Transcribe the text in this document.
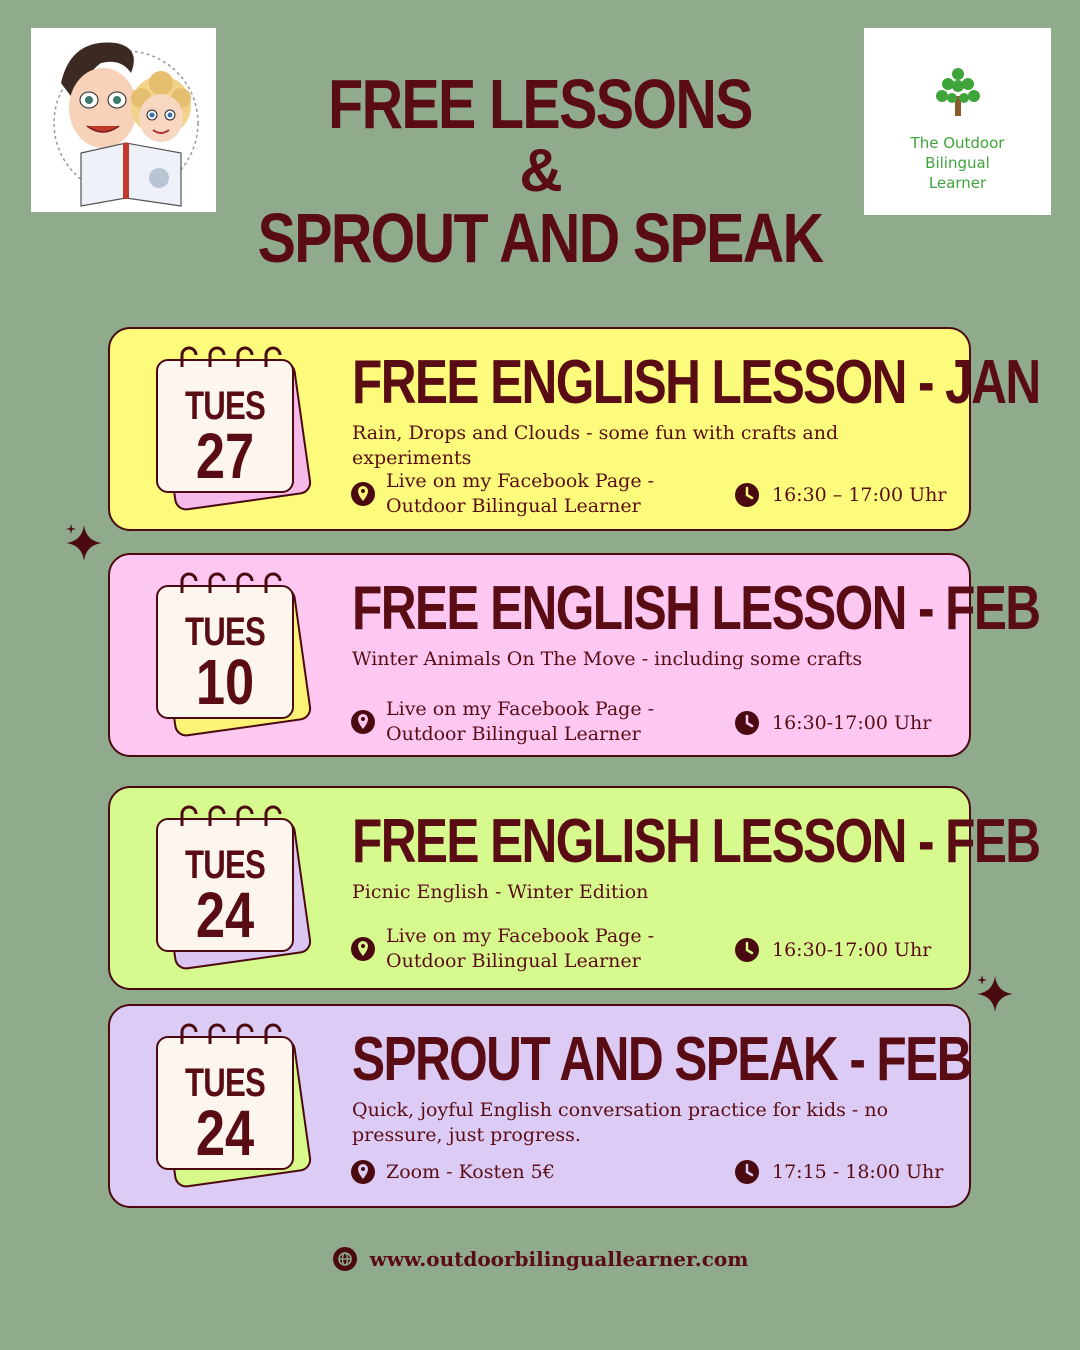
The Outdoor
Bilingual
Learner
FREE LESSONS
&
SPROUT AND SPEAK
TUES
27
FREE ENGLISH LESSON - JAN
Rain, Drops and Clouds - some fun with crafts and experiments
Live on my Facebook Page - Outdoor Bilingual Learner
16:30 – 17:00 Uhr
TUES
10
FREE ENGLISH LESSON - FEB
Winter Animals On The Move - including some crafts
Live on my Facebook Page - Outdoor Bilingual Learner
16:30-17:00 Uhr
TUES
24
FREE ENGLISH LESSON - FEB
Picnic English - Winter Edition
Live on my Facebook Page - Outdoor Bilingual Learner
16:30-17:00 Uhr
TUES
24
SPROUT AND SPEAK - FEB
Quick, joyful English conversation practice for kids - no pressure, just progress.
Zoom - Kosten 5€	17:15 - 18:00 Uhr
www.outdoorbilinguallearner.com
